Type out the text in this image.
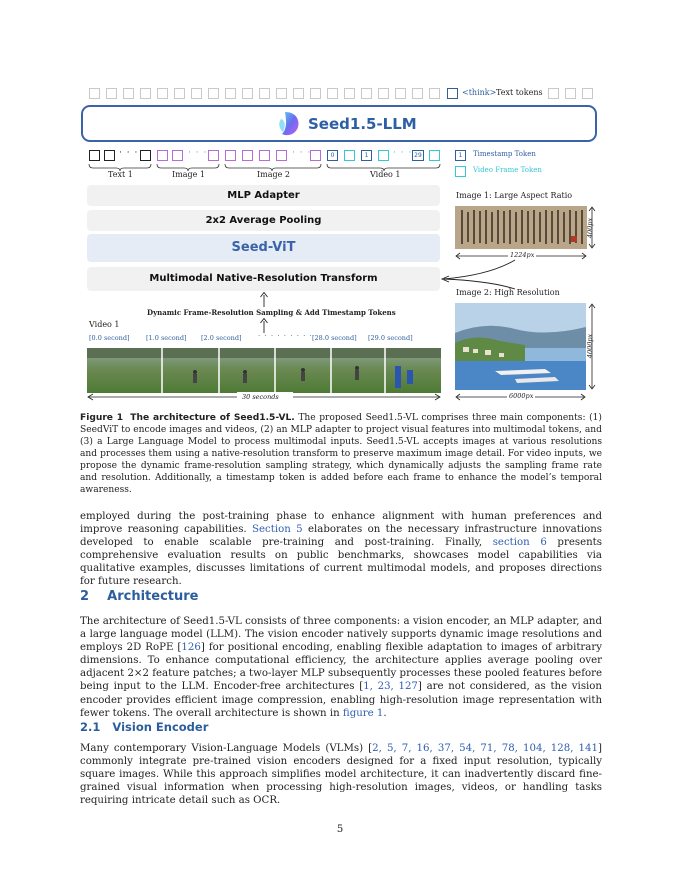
<think> Text tokens
Seed1.5-LLM
· · ·	· · ·	· · ·	0	1	· · · 29	1	Timestamp Token
Video Frame Token
Text 1	Image 1	Image 2	Video 1
MLP Adapter
2x2 Average Pooling
Seed-ViT
Multimodal Native-Resolution Transform
Dynamic Frame-Resolution Sampling & Add Timestamp Tokens
Video 1
[0.0 second]	[1.0 second] [2.0 second] · · · · · · · · · [28.0 second] [29.0 second]
30 seconds
Image 1: Large Aspect Ratio
400px
1224px
Image 2: High Resolution
4000px
6000px
Figure 1 The architecture of Seed1.5-VL. The proposed Seed1.5-VL comprises three main components: (1) SeedViT to encode images and videos, (2) an MLP adapter to project visual features into multimodal tokens, and (3) a Large Language Model to process multimodal inputs. Seed1.5-VL accepts images at various resolutions and processes them using a native-resolution transform to preserve maximum image detail. For video inputs, we propose the dynamic frame-resolution sampling strategy, which dynamically adjusts the sampling frame rate and resolution. Additionally, a timestamp token is added before each frame to enhance the model’s temporal awareness.
employed during the post-training phase to enhance alignment with human preferences and improve reasoning capabilities. Section 5 elaborates on the necessary infrastructure innovations developed to enable scalable pre-training and post-training. Finally, section 6 presents comprehensive evaluation results on public benchmarks, showcases model capabilities via qualitative examples, discusses limitations of current multimodal models, and proposes directions for future research.
2 Architecture
The architecture of Seed1.5-VL consists of three components: a vision encoder, an MLP adapter, and a large language model (LLM). The vision encoder natively supports dynamic image resolutions and employs 2D RoPE [126] for positional encoding, enabling flexible adaptation to images of arbitrary dimensions. To enhance computational efficiency, the architecture applies average pooling over adjacent 2×2 feature patches; a two-layer MLP subsequently processes these pooled features before being input to the LLM. Encoder-free architectures [1, 23, 127] are not considered, as the vision encoder provides efficient image compression, enabling high-resolution image representation with fewer tokens. The overall architecture is shown in figure 1.
2.1 Vision Encoder
Many contemporary Vision-Language Models (VLMs) [2, 5, 7, 16, 37, 54, 71, 78, 104, 128, 141] commonly integrate pre-trained vision encoders designed for a fixed input resolution, typically square images. While this approach simplifies model architecture, it can inadvertently discard fine-grained visual information when processing high-resolution images, videos, or handling tasks requiring intricate detail such as OCR.
5
